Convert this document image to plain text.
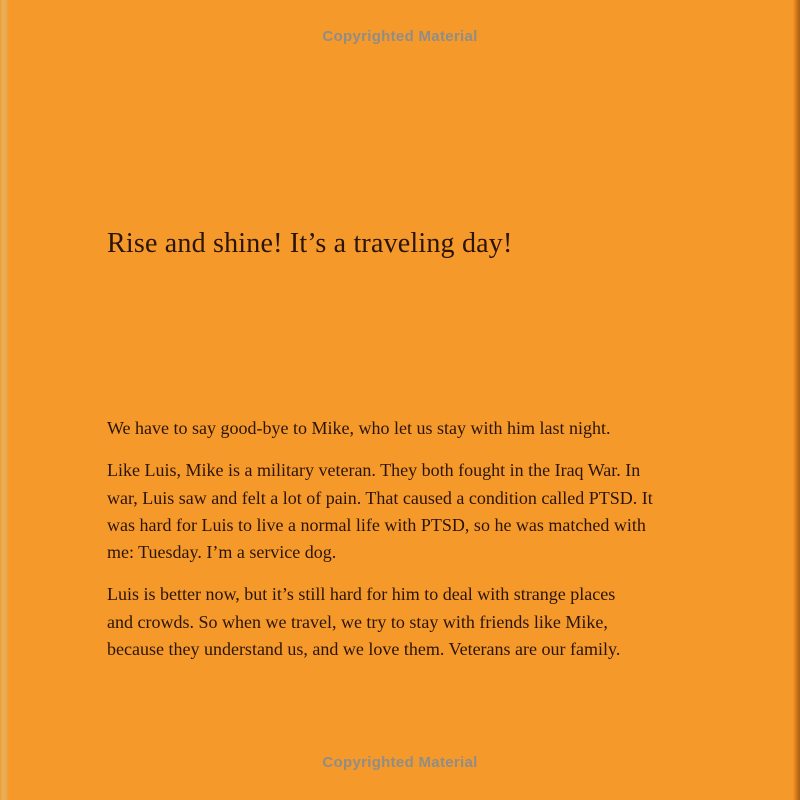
Copyrighted Material
Rise and shine! It’s a traveling day!

We have to say good-bye to Mike, who let us stay with him last night.

Like Luis, Mike is a military veteran. They both fought in the Iraq War. In
war, Luis saw and felt a lot of pain. That caused a condition called PTSD. It
was hard for Luis to live a normal life with PTSD, so he was matched with
me: Tuesday. I’m a service dog.

Luis is better now, but it’s still hard for him to deal with strange places
and crowds. So when we travel, we try to stay with friends like Mike,
because they understand us, and we love them. Veterans are our family.

Copyrighted Material
